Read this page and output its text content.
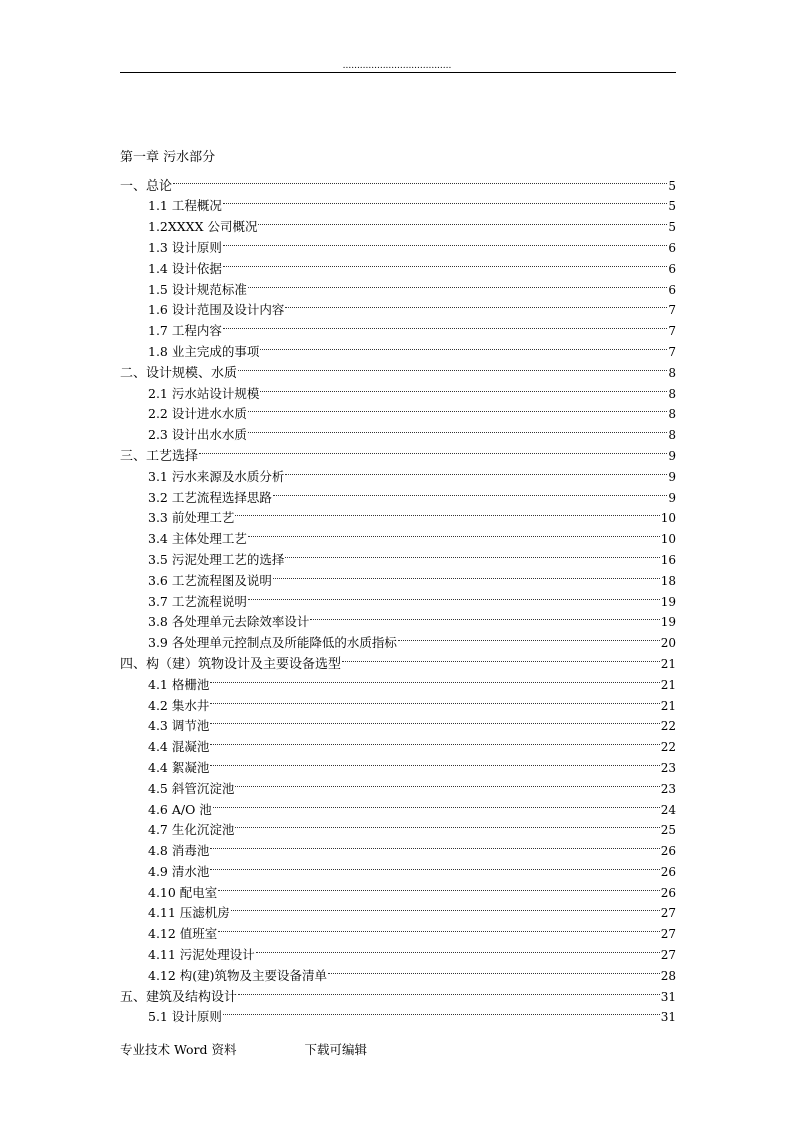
......................................
第一章 污水部分
一、总论	5
1.1 工程概况	5
1.2XXXX 公司概况	5
1.3 设计原则	6
1.4 设计依据	6
1.5 设计规范标准	6
1.6 设计范围及设计内容	7
1.7 工程内容	7
1.8 业主完成的事项	7
二、设计规模、水质	8
2.1 污水站设计规模	8
2.2 设计进水水质	8
2.3 设计出水水质	8
三、工艺选择	9
3.1 污水来源及水质分析	9
3.2 工艺流程选择思路	9
3.3 前处理工艺	10
3.4 主体处理工艺	10
3.5 污泥处理工艺的选择	16
3.6 工艺流程图及说明	18
3.7 工艺流程说明	19
3.8 各处理单元去除效率设计	19
3.9 各处理单元控制点及所能降低的水质指标	20
四、构（建）筑物设计及主要设备选型	21
4.1 格栅池	21
4.2 集水井	21
4.3 调节池	22
4.4 混凝池	22
4.4 絮凝池	23
4.5 斜管沉淀池	23
4.6 A/O 池	24
4.7 生化沉淀池	25
4.8 消毒池	26
4.9 清水池	26
4.10 配电室	26
4.11 压滤机房	27
4.12 值班室	27
4.11 污泥处理设计	27
4.12 构(建)筑物及主要设备清单	28
五、建筑及结构设计	31
5.1 设计原则	31
专业技术 Word 资料	下载可编辑
